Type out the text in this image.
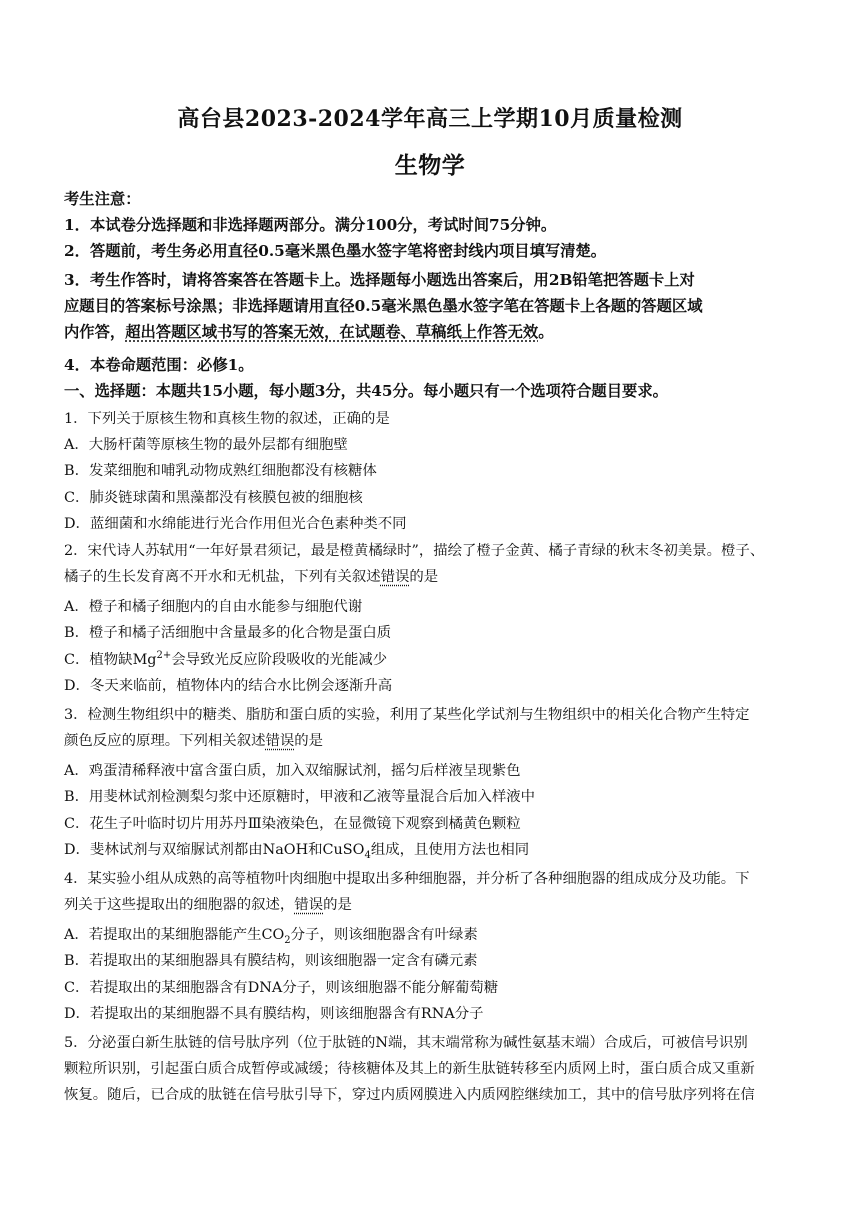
高台县2023-2024学年高三上学期10月质量检测
生物学
考生注意：
1．本试卷分选择题和非选择题两部分。满分100分，考试时间75分钟。
2．答题前，考生务必用直径0.5毫米黑色墨水签字笔将密封线内项目填写清楚。
3．考生作答时，请将答案答在答题卡上。选择题每小题选出答案后，用2B铅笔把答题卡上对
应题目的答案标号涂黑；非选择题请用直径0.5毫米黑色墨水签字笔在答题卡上各题的答题区域
内作答，超出答题区域书写的答案无效，在试题卷、草稿纸上作答无效。
4．本卷命题范围：必修1。
一、选择题：本题共15小题，每小题3分，共45分。每小题只有一个选项符合题目要求。
1．下列关于原核生物和真核生物的叙述，正确的是
A．大肠杆菌等原核生物的最外层都有细胞壁
B．发菜细胞和哺乳动物成熟红细胞都没有核糖体
C．肺炎链球菌和黑藻都没有核膜包被的细胞核
D．蓝细菌和水绵能进行光合作用但光合色素种类不同
2．宋代诗人苏轼用“一年好景君须记，最是橙黄橘绿时”，描绘了橙子金黄、橘子青绿的秋末冬初美景。橙子、
橘子的生长发育离不开水和无机盐，下列有关叙述错误的是
A．橙子和橘子细胞内的自由水能参与细胞代谢
B．橙子和橘子活细胞中含量最多的化合物是蛋白质
C．植物缺$Mg^{2+}$会导致光反应阶段吸收的光能减少
D．冬天来临前，植物体内的结合水比例会逐渐升高
3．检测生物组织中的糖类、脂肪和蛋白质的实验，利用了某些化学试剂与生物组织中的相关化合物产生特定
颜色反应的原理。下列相关叙述错误的是
A．鸡蛋清稀释液中富含蛋白质，加入双缩脲试剂，摇匀后样液呈现紫色
B．用斐林试剂检测梨匀浆中还原糖时，甲液和乙液等量混合后加入样液中
C．花生子叶临时切片用苏丹Ⅲ染液染色，在显微镜下观察到橘黄色颗粒
D．斐林试剂与双缩脲试剂都由NaOH和CuSO$_4$组成，且使用方法也相同
4．某实验小组从成熟的高等植物叶肉细胞中提取出多种细胞器，并分析了各种细胞器的组成成分及功能。下
列关于这些提取出的细胞器的叙述，错误的是
A．若提取出的某细胞器能产生$CO_2$分子，则该细胞器含有叶绿素
B．若提取出的某细胞器具有膜结构，则该细胞器一定含有磷元素
C．若提取出的某细胞器含有DNA分子，则该细胞器不能分解葡萄糖
D．若提取出的某细胞器不具有膜结构，则该细胞器含有RNA分子
5．分泌蛋白新生肽链的信号肽序列（位于肽链的N端，其末端常称为碱性氨基末端）合成后，可被信号识别
颗粒所识别，引起蛋白质合成暂停或减缓；待核糖体及其上的新生肽链转移至内质网上时，蛋白质合成又重新
恢复。随后，已合成的肽链在信号肽引导下，穿过内质网膜进入内质网腔继续加工，其中的信号肽序列将在信
